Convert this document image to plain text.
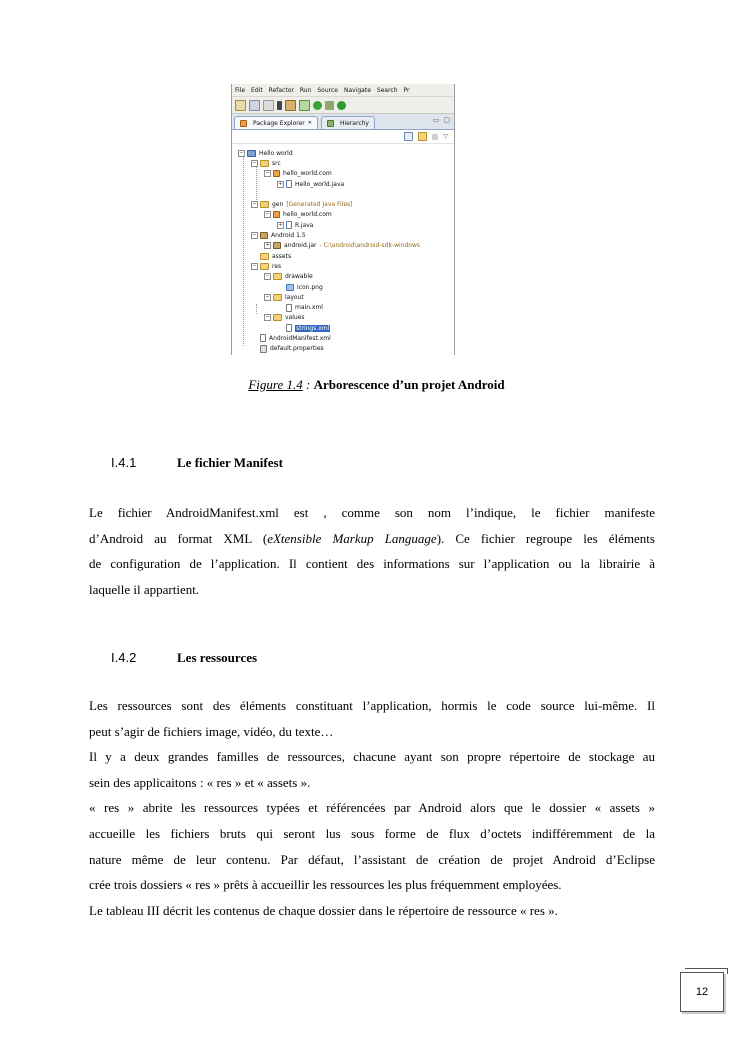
File Edit Refactor Run Source Navigate Search Pr
Package Explorer ✕	Hierarchy	▭ ▢
▽
−	Hello world
−	src
− hello_world.com
+ Hello_world.java
−	gen [Generated Java Files]
− hello_world.com
+ R.java
− Android 1.5
+ android.jar - C:\android\android-sdk-windows
assets
−	res
−	drawable
icon.png
−	layout
main.xml
−	values
strings.xml
AndroidManifest.xml
default.properties
Figure 1.4 : Arborescence d’un projet Android
I.4.1	Le fichier Manifest
Le fichier AndroidManifest.xml est , comme son nom l’indique, le fichier manifeste
d’Android au format XML (eXtensible Markup Language). Ce fichier regroupe les éléments
de configuration de l’application. Il contient des informations sur l’application ou la librairie à
laquelle il appartient.
I.4.2	Les ressources
Les ressources sont des éléments constituant l’application, hormis le code source lui-même. Il
peut s’agir de fichiers image, vidéo, du texte…
Il y a deux grandes familles de ressources, chacune ayant son propre répertoire de stockage au
sein des applicaitons : « res » et « assets ».
« res » abrite les ressources typées et référencées par Android alors que le dossier « assets »
accueille les fichiers bruts qui seront lus sous forme de flux d’octets indifféremment de la
nature même de leur contenu. Par défaut, l’assistant de création de projet Android d’Eclipse
crée trois dossiers « res » prêts à accueillir les ressources les plus fréquemment employées.
Le tableau III décrit les contenus de chaque dossier dans le répertoire de ressource « res ».
12
